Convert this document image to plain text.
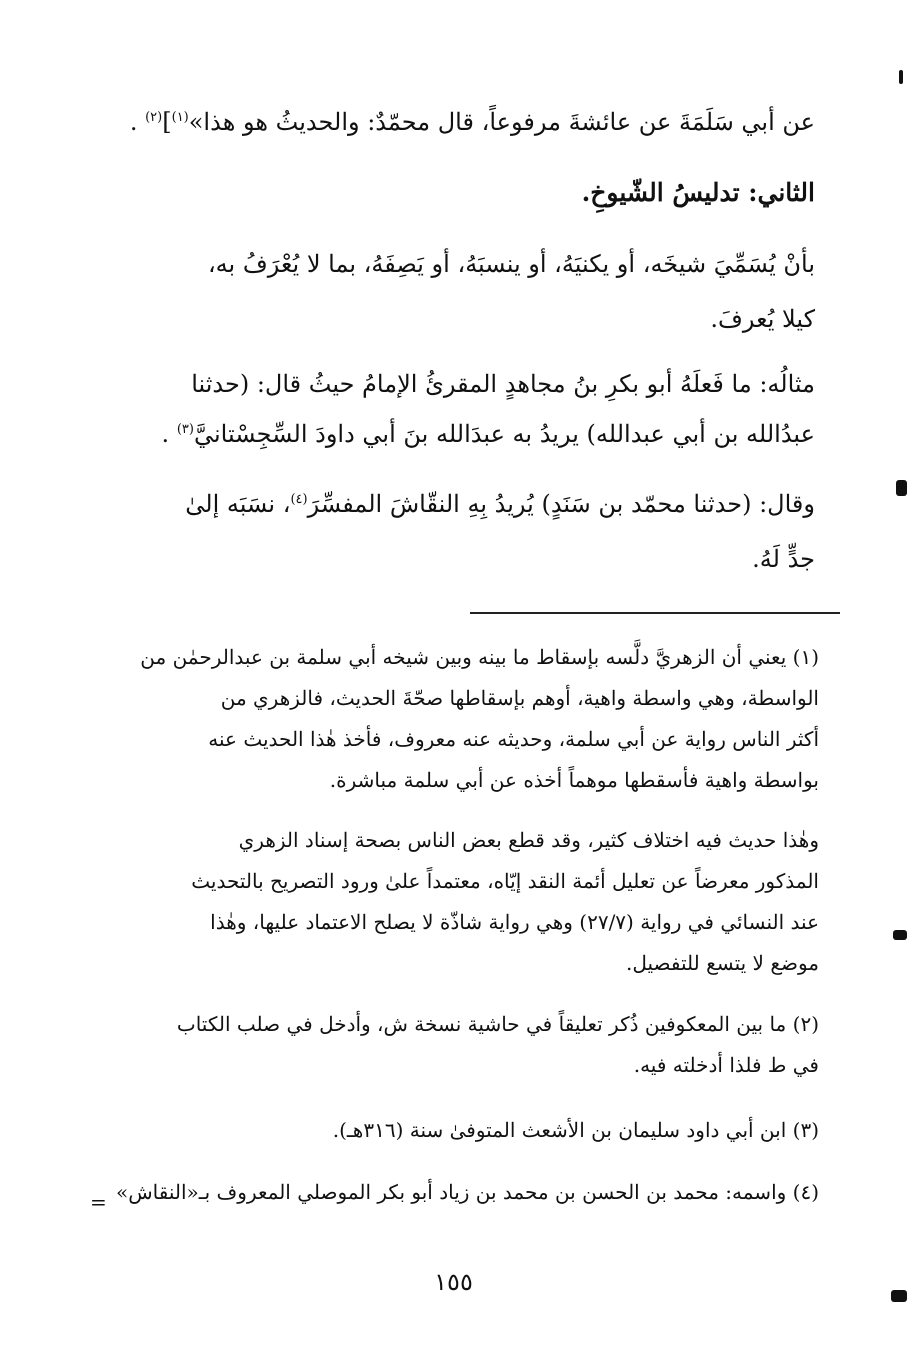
عن أبي سَلَمَةَ عن عائشةَ مرفوعاً، قال محمّدٌ: والحديثُ هو هذا»$^{(١)}$]$^{(٢)}$ .
الثاني: تدليسُ الشّيوخِ.
بأنْ يُسَمِّيَ شيخَه، أو يكنيَهُ، أو ينسبَهُ، أو يَصِفَهُ، بما لا يُعْرَفُ به،
كيلا يُعرفَ.
مثالُه: ما فَعلَهُ أبو بكرِ بنُ مجاهدٍ المقرئُ الإمامُ حيثُ قال: (حدثنا
عبدُالله بن أبي عبدالله) يريدُ به عبدَالله بنَ أبي داودَ السِّجِسْتانيَّ$^{(٣)}$ .
وقال: (حدثنا محمّد بن سَنَدٍ) يُريدُ بِهِ النقّاشَ المفسِّرَ$^{(٤)}$، نسَبَه إلىٰ
جدٍّ لَهُ.
(١) يعني أن الزهريَّ دلَّسه بإسقاط ما بينه وبين شيخه أبي سلمة بن عبدالرحمٰن من
الواسطة، وهي واسطة واهية، أوهم بإسقاطها صحّةَ الحديث، فالزهري من
أكثر الناس رواية عن أبي سلمة، وحديثه عنه معروف، فأخذ هٰذا الحديث عنه
بواسطة واهية فأسقطها موهماً أخذه عن أبي سلمة مباشرة.
وهٰذا حديث فيه اختلاف كثير، وقد قطع بعض الناس بصحة إسناد الزهري
المذكور معرضاً عن تعليل أئمة النقد إيّاه، معتمداً علىٰ ورود التصريح بالتحديث
عند النسائي في رواية (٢٧/٧) وهي رواية شاذّة لا يصلح الاعتماد عليها، وهٰذا
موضع لا يتسع للتفصيل.
(٢) ما بين المعكوفين ذُكر تعليقاً في حاشية نسخة ش، وأدخل في صلب الكتاب
في ط فلذا أدخلته فيه.
(٣) ابن أبي داود سليمان بن الأشعث المتوفىٰ سنة (٣١٦هـ).
(٤) واسمه: محمد بن الحسن بن محمد بن زياد أبو بكر الموصلي المعروف بـ«النقاش»
=
١٥٥
